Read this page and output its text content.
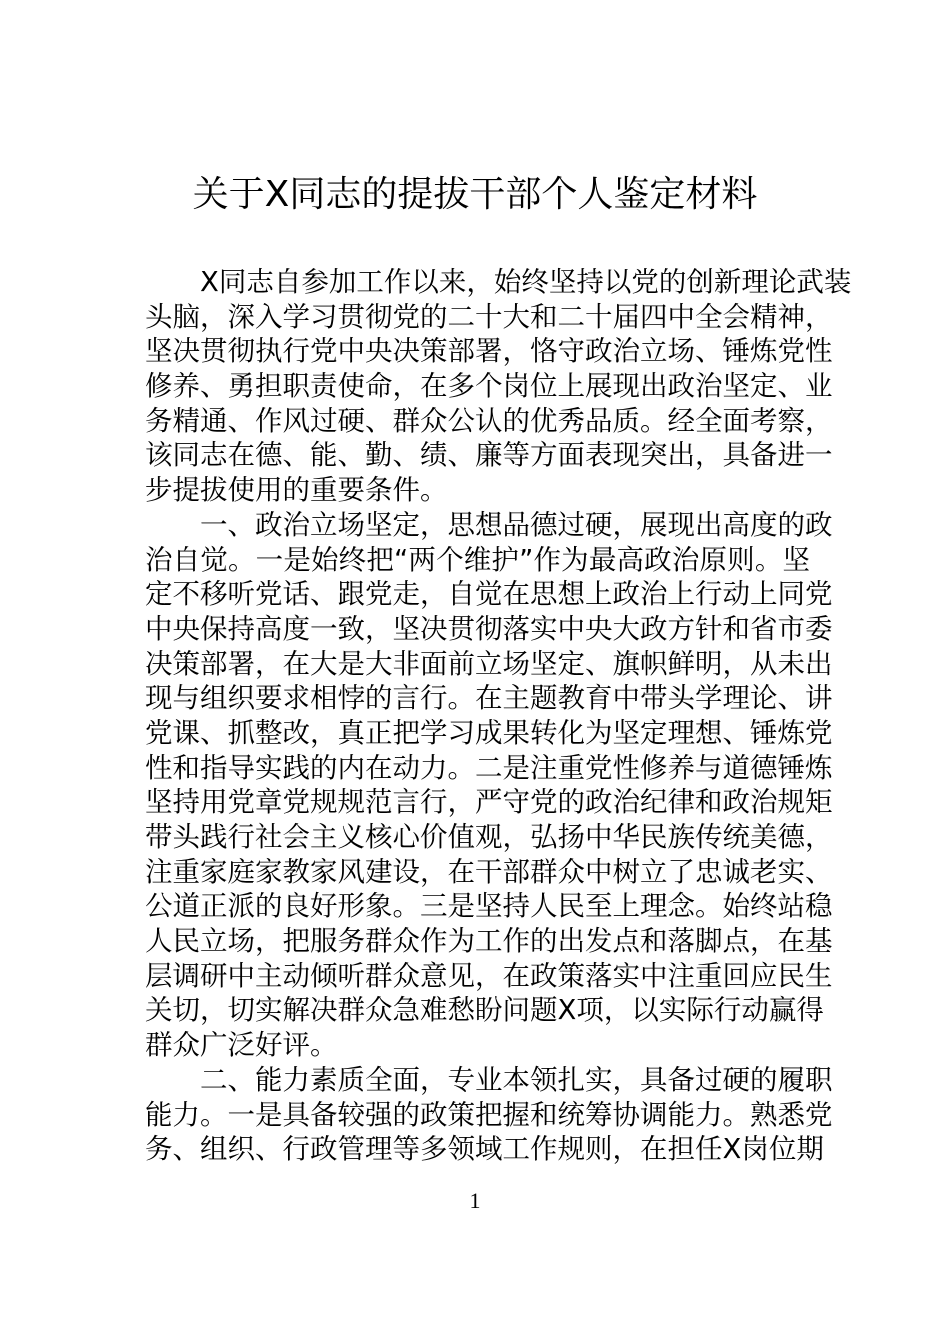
关于X同志的提拔干部个人鉴定材料
X同志自参加工作以来，始终坚持以党的创新理论武装
头脑，深入学习贯彻党的二十大和二十届四中全会精神，
坚决贯彻执行党中央决策部署，恪守政治立场、锤炼党性
修养、勇担职责使命，在多个岗位上展现出政治坚定、业
务精通、作风过硬、群众公认的优秀品质。经全面考察，
该同志在德、能、勤、绩、廉等方面表现突出，具备进一
步提拔使用的重要条件。
一、政治立场坚定，思想品德过硬，展现出高度的政
治自觉。一是始终把“两个维护”作为最高政治原则。坚
定不移听党话、跟党走，自觉在思想上政治上行动上同党
中央保持高度一致，坚决贯彻落实中央大政方针和省市委
决策部署，在大是大非面前立场坚定、旗帜鲜明，从未出
现与组织要求相悖的言行。在主题教育中带头学理论、讲
党课、抓整改，真正把学习成果转化为坚定理想、锤炼党
性和指导实践的内在动力。二是注重党性修养与道德锤炼
坚持用党章党规规范言行，严守党的政治纪律和政治规矩
带头践行社会主义核心价值观，弘扬中华民族传统美德，
注重家庭家教家风建设，在干部群众中树立了忠诚老实、
公道正派的良好形象。三是坚持人民至上理念。始终站稳
人民立场，把服务群众作为工作的出发点和落脚点，在基
层调研中主动倾听群众意见，在政策落实中注重回应民生
关切，切实解决群众急难愁盼问题X项，以实际行动赢得
群众广泛好评。
二、能力素质全面，专业本领扎实，具备过硬的履职
能力。一是具备较强的政策把握和统筹协调能力。熟悉党
务、组织、行政管理等多领域工作规则，在担任X岗位期
1
